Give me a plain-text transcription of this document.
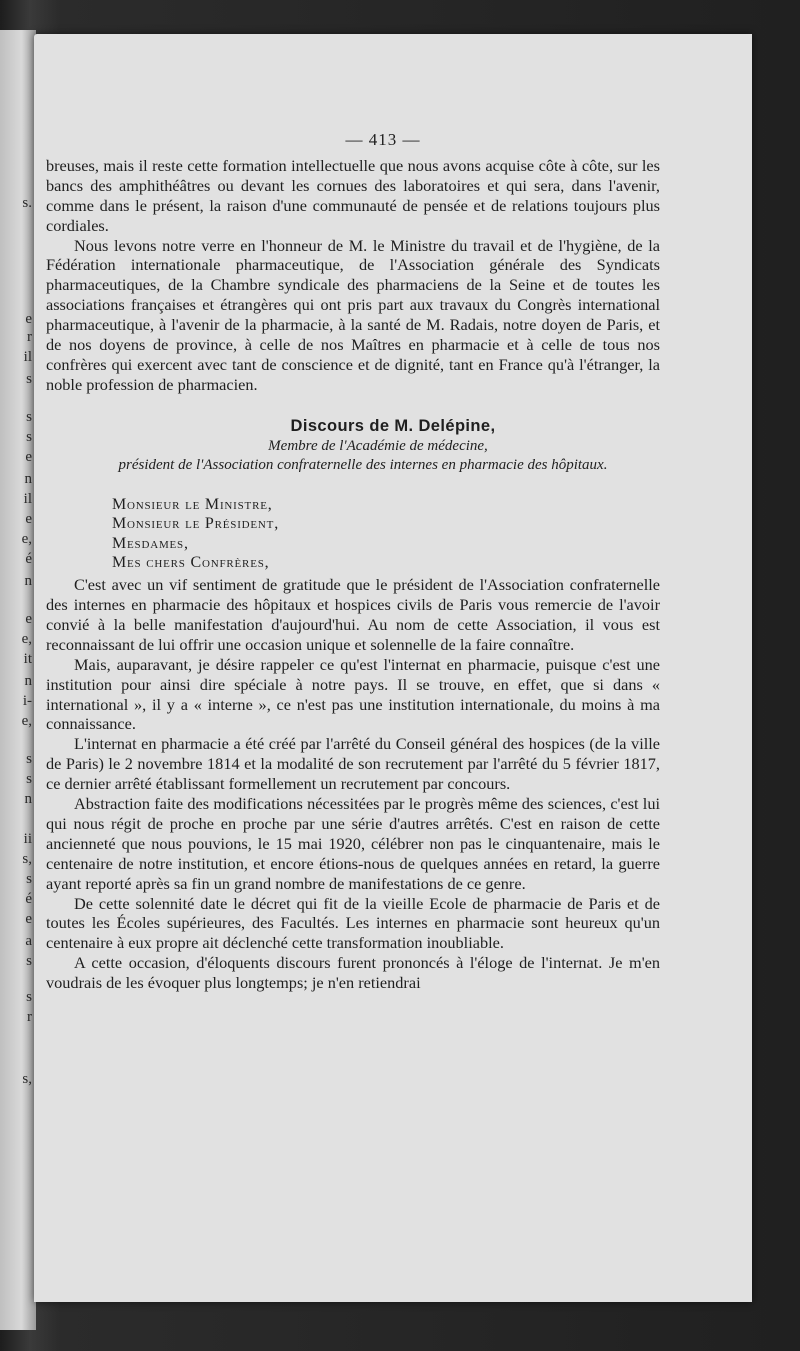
s.
e
r
il
s
s
s
e
n
il
e
e,
é
n
e
e,
it
n
i-
e,
s
s
n
ii
s,
s
é
e
a
s
s
r
s,
— 413 —

breuses, mais il reste cette formation intellectuelle que nous avons acquise côte à côte, sur les bancs des amphithéâtres ou devant les cornues des laboratoires et qui sera, dans l'avenir, comme dans le présent, la raison d'une communauté de pensée et de relations toujours plus cordiales.

Nous levons notre verre en l'honneur de M. le Ministre du travail et de l'hygiène, de la Fédération internationale pharmaceutique, de l'Association générale des Syndicats pharmaceutiques, de la Chambre syndicale des pharmaciens de la Seine et de toutes les associations françaises et étrangères qui ont pris part aux travaux du Congrès international pharmaceutique, à l'avenir de la pharmacie, à la santé de M. Radais, notre doyen de Paris, et de nos doyens de province, à celle de nos Maîtres en pharmacie et à celle de tous nos confrères qui exercent avec tant de conscience et de dignité, tant en France qu'à l'étranger, la noble profession de pharmacien.

Discours de M. Delépine,
Membre de l'Académie de médecine,
président de l'Association confraternelle des internes en pharmacie des hôpitaux.
Monsieur le Ministre,
Monsieur le Président,
Mesdames,
Mes chers Confrères,

C'est avec un vif sentiment de gratitude que le président de l'Association confraternelle des internes en pharmacie des hôpitaux et hospices civils de Paris vous remercie de l'avoir convié à la belle manifestation d'aujourd'hui. Au nom de cette Association, il vous est reconnaissant de lui offrir une occasion unique et solennelle de la faire connaître.

Mais, auparavant, je désire rappeler ce qu'est l'internat en pharmacie, puisque c'est une institution pour ainsi dire spéciale à notre pays. Il se trouve, en effet, que si dans « international », il y a « interne », ce n'est pas une institution internationale, du moins à ma connaissance.

L'internat en pharmacie a été créé par l'arrêté du Conseil général des hospices (de la ville de Paris) le 2 novembre 1814 et la modalité de son recrutement par l'arrêté du 5 février 1817, ce dernier arrêté établissant formellement un recrutement par concours.

Abstraction faite des modifications nécessitées par le progrès même des sciences, c'est lui qui nous régit de proche en proche par une série d'autres arrêtés. C'est en raison de cette ancienneté que nous pouvions, le 15 mai 1920, célébrer non pas le cinquantenaire, mais le centenaire de notre institution, et encore étions-nous de quelques années en retard, la guerre ayant reporté après sa fin un grand nombre de manifestations de ce genre.

De cette solennité date le décret qui fit de la vieille Ecole de pharmacie de Paris et de toutes les Écoles supérieures, des Facultés. Les internes en pharmacie sont heureux qu'un centenaire à eux propre ait déclenché cette transformation inoubliable.

A cette occasion, d'éloquents discours furent prononcés à l'éloge de l'internat. Je m'en voudrais de les évoquer plus longtemps; je n'en retiendrai
